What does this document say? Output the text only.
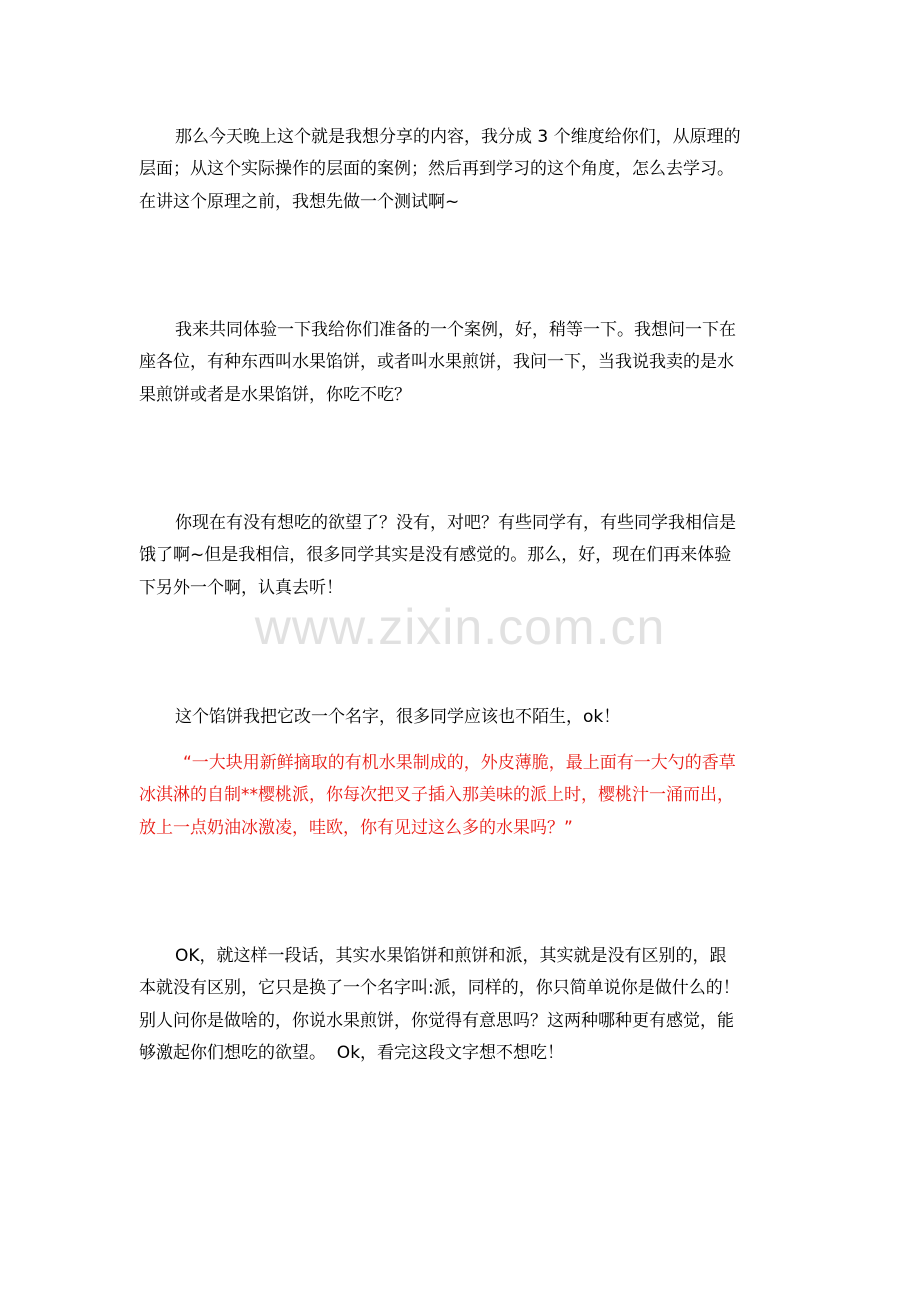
那么今天晚上这个就是我想分享的内容，我分成 3 个维度给你们，从原理的
层面；从这个实际操作的层面的案例；然后再到学习的这个角度，怎么去学习。
在讲这个原理之前，我想先做一个测试啊~
我来共同体验一下我给你们准备的一个案例，好，稍等一下。我想问一下在
座各位，有种东西叫水果馅饼，或者叫水果煎饼，我问一下，当我说我卖的是水
果煎饼或者是水果馅饼，你吃不吃？
你现在有没有想吃的欲望了？没有，对吧？有些同学有，有些同学我相信是
饿了啊~但是我相信，很多同学其实是没有感觉的。那么，好，现在们再来体验
下另外一个啊，认真去听！
这个馅饼我把它改一个名字，很多同学应该也不陌生，ok！
“一大块用新鲜摘取的有机水果制成的，外皮薄脆，最上面有一大勺的香草
冰淇淋的自制**樱桃派，你每次把叉子插入那美味的派上时，樱桃汁一涌而出，
放上一点奶油冰激凌，哇欧，你有见过这么多的水果吗？”
OK，就这样一段话，其实水果馅饼和煎饼和派，其实就是没有区别的，跟
本就没有区别，它只是换了一个名字叫:派，同样的，你只简单说你是做什么的！
别人问你是做啥的，你说水果煎饼，你觉得有意思吗？这两种哪种更有感觉，能
够激起你们想吃的欲望。  Ok，看完这段文字想不想吃！
www.zixin.com.cn
